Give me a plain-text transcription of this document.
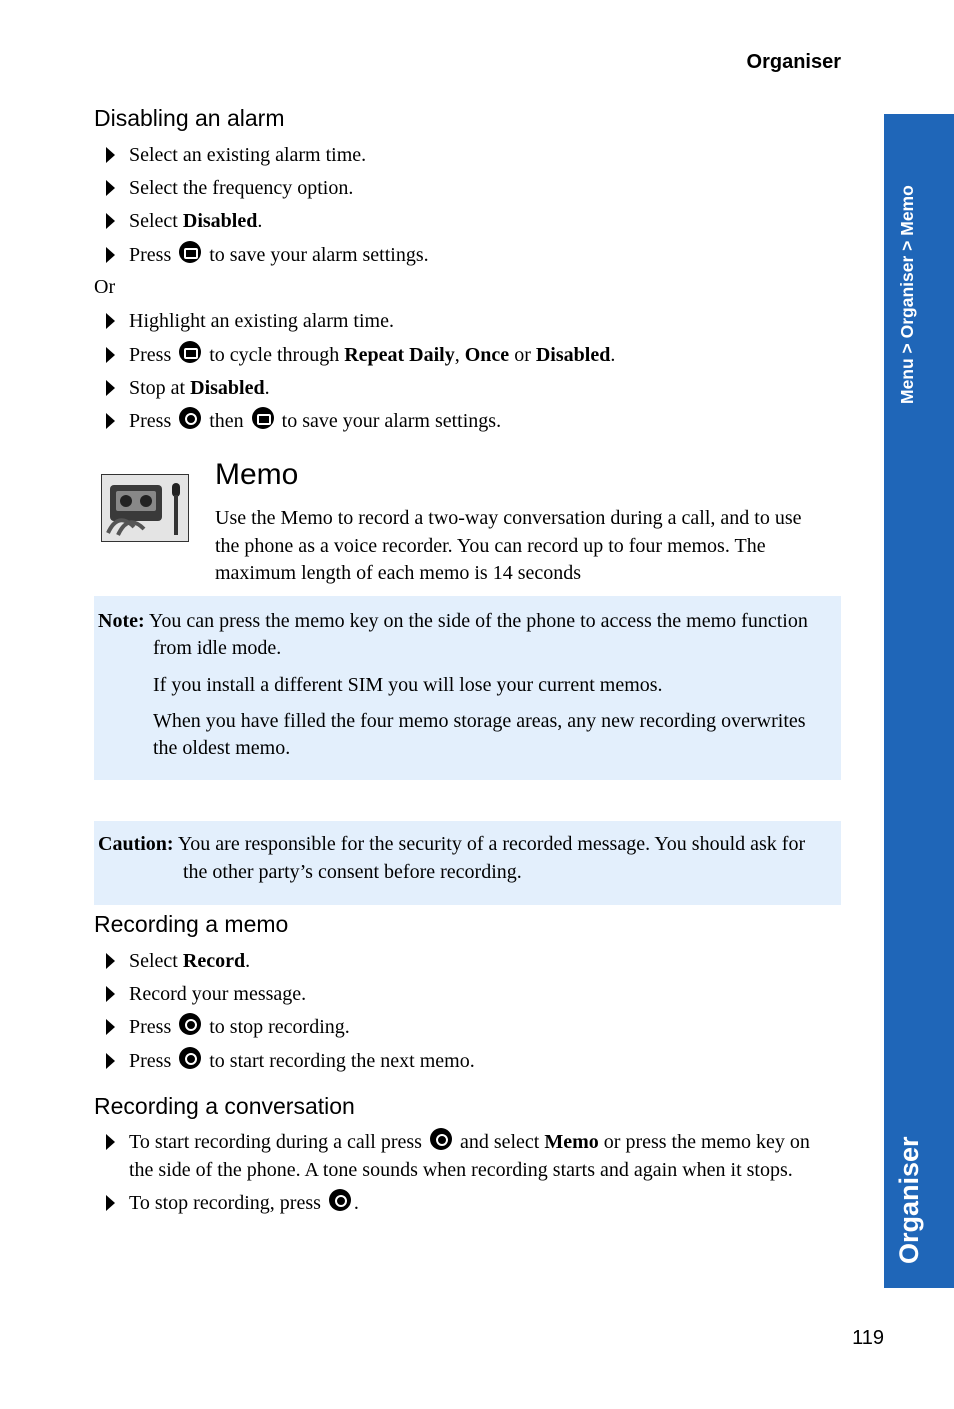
Organiser
Menu > Organiser > Memo
Organiser
Disabling an alarm
Select an existing alarm time.
Select the frequency option.
Select Disabled.
Press  to save your alarm settings.
Or
Highlight an existing alarm time.
Press  to cycle through Repeat Daily, Once or Disabled.
Stop at Disabled.
Press  then  to save your alarm settings.
Memo
Use the Memo to record a two-way conversation during a call, and to use
the phone as a voice recorder. You can record up to four memos. The
maximum length of each memo is 14 seconds
Note: You can press the memo key on the side of the phone to access the memo function
from idle mode.
If you install a different SIM you will lose your current memos.
When you have filled the four memo storage areas, any new recording overwrites
the oldest memo.
Caution: You are responsible for the security of a recorded message. You should ask for
the other party’s consent before recording.
Recording a memo
Select Record.
Record your message.
Press  to stop recording.
Press  to start recording the next memo.
Recording a conversation
To start recording during a call press  and select Memo or press the memo key on
the side of the phone. A tone sounds when recording starts and again when it stops.
To stop recording, press .
119
